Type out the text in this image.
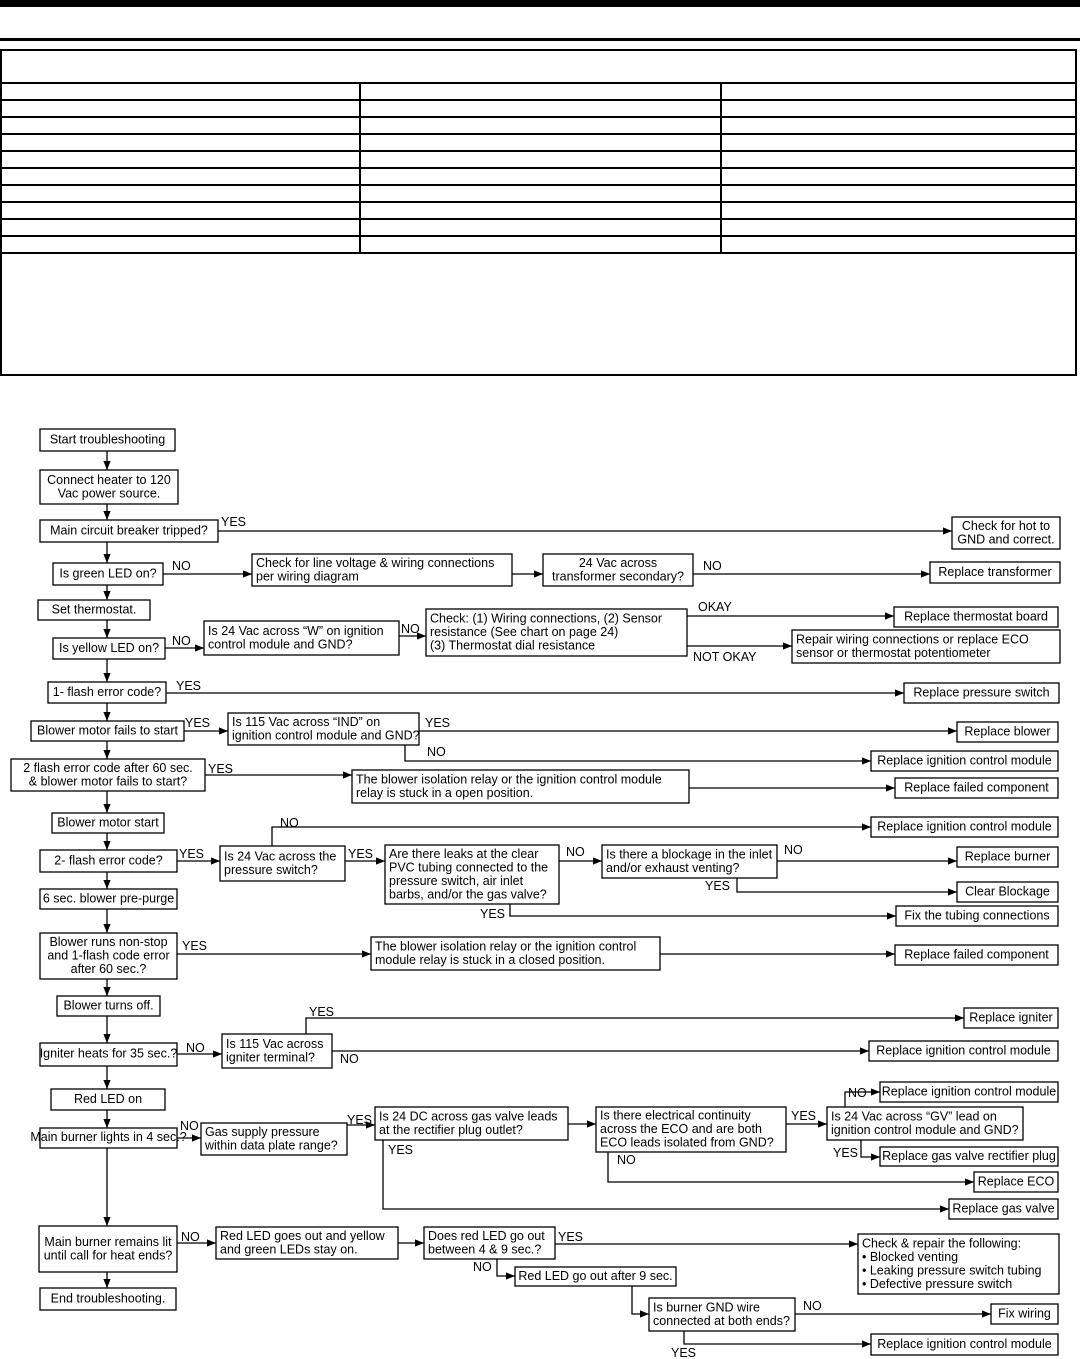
Start troubleshooting
Connect heater to 120
Vac power source.
Main circuit breaker tripped?	Check for hot to
GND and correct.
Is green LED on?
Check for line voltage & wiring connections
per wiring diagram
24 Vac across
transformer secondary?	Replace transformer
Set thermostat.
Is yellow LED on?
Is 24 Vac across “W” on ignition
control module and GND?
Check: (1) Wiring connections, (2) Sensor
resistance (See chart on page 24)
(3) Thermostat dial resistance
Replace thermostat board
Repair wiring connections or replace ECO
sensor or thermostat potentiometer
1- flash error code?	Replace pressure switch
Blower motor fails to start
Is 115 Vac across “IND” on
ignition control module and GND?	Replace blower
Replace ignition control module
2 flash error code after 60 sec.
& blower motor fails to start?	The blower isolation relay or the ignition control module
relay is stuck in a open position.	Replace failed component
Blower motor start	Replace ignition control module
2- flash error code?	Is 24 Vac across the
pressure switch?
Are there leaks at the clear
PVC tubing connected to the
pressure switch, air inlet
barbs, and/or the gas valve?
Is there a blockage in the inlet
and/or exhaust venting?
Replace burner
Clear Blockage
6 sec. blower pre-purge
Fix the tubing connections
Blower runs non-stop
and 1-flash code error
after 60 sec.?
The blower isolation relay or the ignition control
module relay is stuck in a closed position.	Replace failed component
Blower turns off.
Replace igniter
Igniter heats for 35 sec.?
Is 115 Vac across
igniter terminal?	Replace ignition control module
Red LED on
Replace ignition control module
Main burner lights in 4 sec.? Gas supply pressure
within data plate range?
Is 24 DC across gas valve leads
at the rectifier plug outlet?
Is there electrical continuity
across the ECO and are both
ECO leads isolated from GND?
Is 24 Vac across “GV” lead on
ignition control module and GND?
Replace gas valve rectifier plug
Replace ECO
Replace gas valve
Main burner remains lit
until call for heat ends?
Red LED goes out and yellow
and green LEDs stay on.
Does red LED go out
between 4 & 9 sec.?	Check & repair the following:
• Blocked venting
• Leaking pressure switch tubing
• Defective pressure switch
Red LED go out after 9 sec.
Is burner GND wire
connected at both ends?
Fix wiring
Replace ignition control module
End troubleshooting.
YES
NO	NO
NO
NO
OKAY
NOT OKAY
YES
YES	YES
NO
YES
NO
YES	YES	NO	NO
YES
YES
YES
YES
NO
NO
NO
NO	YES	YES
YES
NO	YES
NO	YES
NO
NO
YES
